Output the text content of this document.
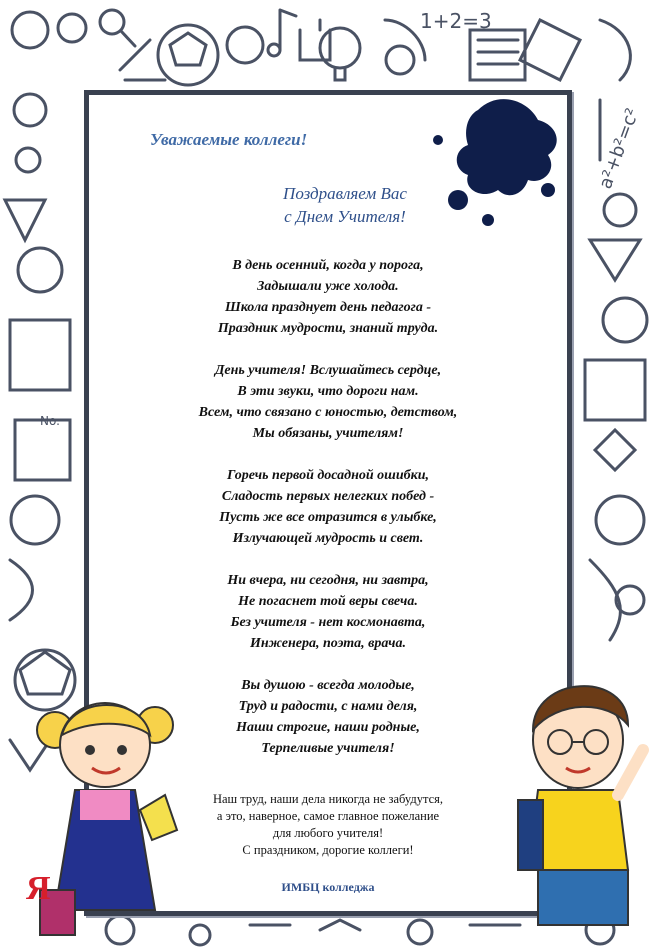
1+2=3
a²+b²=c²
No.
Уважаемые коллеги!
Поздравляем Вас
с Днем Учителя!
В день осенний, когда у порога,
Задышали уже холода.
Школа празднует день педагога -
Праздник мудрости, знаний труда.
День учителя! Вслушайтесь сердце,
В эти звуки, что дороги нам.
Всем, что связано с юностью, детством,
Мы обязаны, учителям!
Горечь первой досадной ошибки,
Сладость первых нелегких побед -
Пусть же все отразится в улыбке,
Излучающей мудрость и свет.
Ни вчера, ни сегодня, ни завтра,
Не погаснет той веры свеча.
Без учителя - нет космонавта,
Инженера, поэта, врача.
Вы душою - всегда молодые,
Труд и радости, с нами деля,
Наши строгие, наши родные,
Терпеливые учителя!
Наш труд, наши дела никогда не забудутся,
а это, наверное, самое главное пожелание
для любого учителя!
С праздником, дорогие коллеги!
ИМБЦ колледжа
Я
